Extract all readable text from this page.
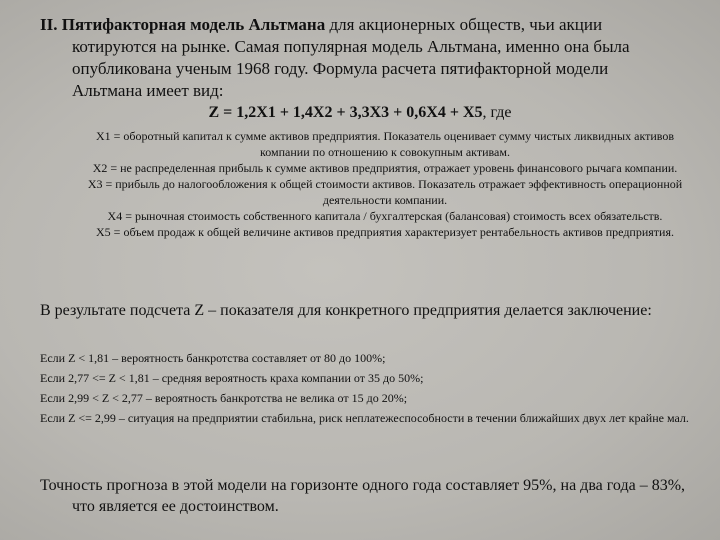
II. Пятифакторная модель Альтмана для акционерных обществ, чьи акции котируются на рынке. Самая популярная модель Альтмана, именно она была опубликована ученым 1968 году. Формула расчета пятифакторной модели Альтмана имеет вид:
Z = 1,2X1 + 1,4X2 + 3,3X3 + 0,6X4 + X5, где

X1 = оборотный капитал к сумме активов предприятия. Показатель оценивает сумму чистых ликвидных активов компании по отношению к совокупным активам.

X2 = не распределенная прибыль к сумме активов предприятия, отражает уровень финансового рычага компании.

X3 = прибыль до налогообложения к общей стоимости активов. Показатель отражает эффективность операционной деятельности компании.

X4 = рыночная стоимость собственного капитала / бухгалтерская (балансовая) стоимость всех обязательств.

X5 = объем продаж к общей величине активов предприятия характеризует рентабельность активов предприятия.

В результате подсчета Z – показателя для конкретного предприятия делается заключение:

Если Z < 1,81 – вероятность банкротства составляет от 80 до 100%;

Если 2,77 <= Z < 1,81 – средняя вероятность краха компании от 35 до 50%;

Если 2,99 < Z < 2,77 – вероятность банкротства не велика от 15 до 20%;

Если Z <= 2,99 – ситуация на предприятии стабильна, риск неплатежеспособности в течении ближайших двух лет крайне мал.

Точность прогноза в этой модели на горизонте одного года составляет 95%, на два года – 83%, что является ее достоинством.
